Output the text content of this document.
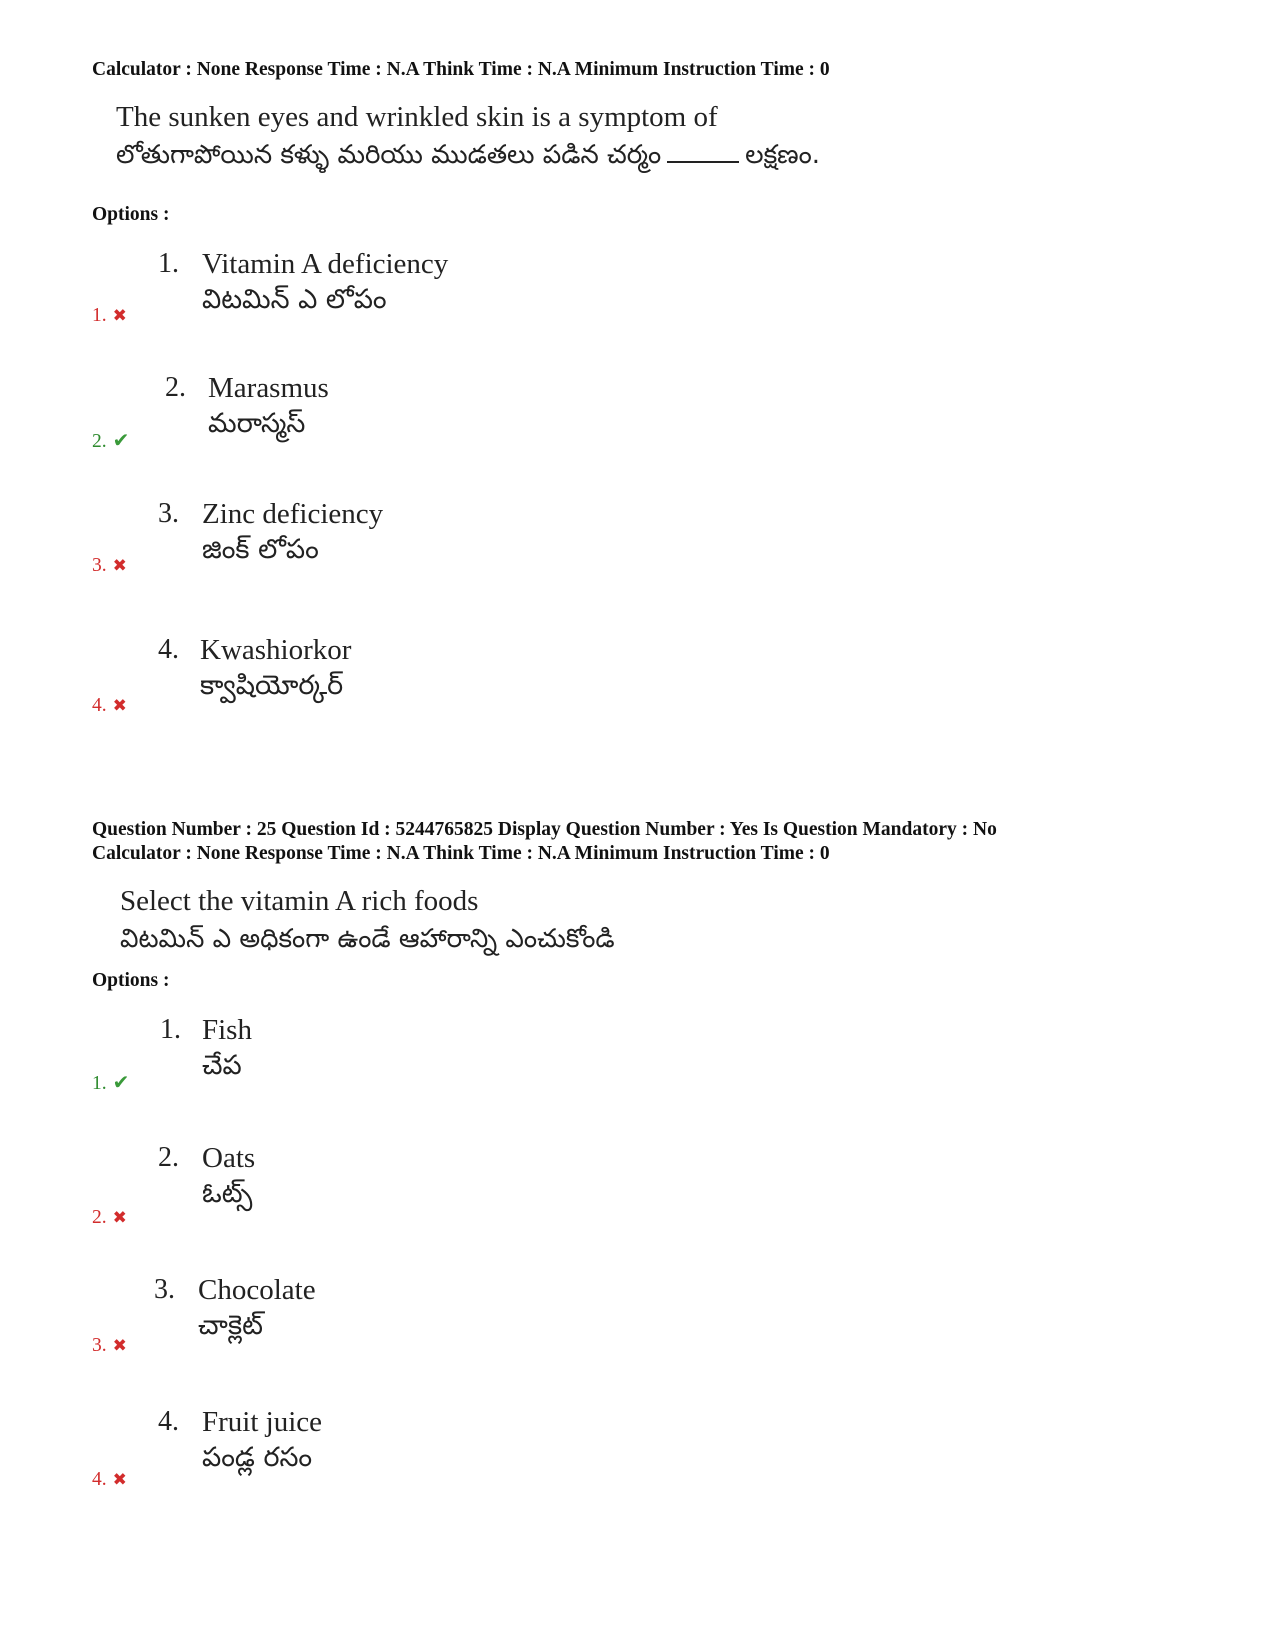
Calculator : None Response Time : N.A Think Time : N.A Minimum Instruction Time : 0
The sunken eyes and wrinkled skin is a symptom of
లోతుగాపోయిన కళ్ళు మరియు ముడతలు పడిన చర్మం	లక్షణం.
Options :
1. Vitamin A deficiency
విటమిన్ ఎ లోపం
1. ✖
2. Marasmus
మరాస్మస్
2. ✔
3. Zinc deficiency
జింక్ లోపం
3. ✖
4. Kwashiorkor
క్వాషియోర్కర్
4. ✖
Question Number : 25 Question Id : 5244765825 Display Question Number : Yes Is Question Mandatory : No
Calculator : None Response Time : N.A Think Time : N.A Minimum Instruction Time : 0
Select the vitamin A rich foods
విటమిన్ ఎ అధికంగా ఉండే ఆహారాన్ని ఎంచుకోండి
Options :
1. Fish
చేప
1. ✔
2. Oats
ఓట్స్
2. ✖
3. Chocolate
చాక్లెట్
3. ✖
4. Fruit juice
పండ్ల రసం
4. ✖
